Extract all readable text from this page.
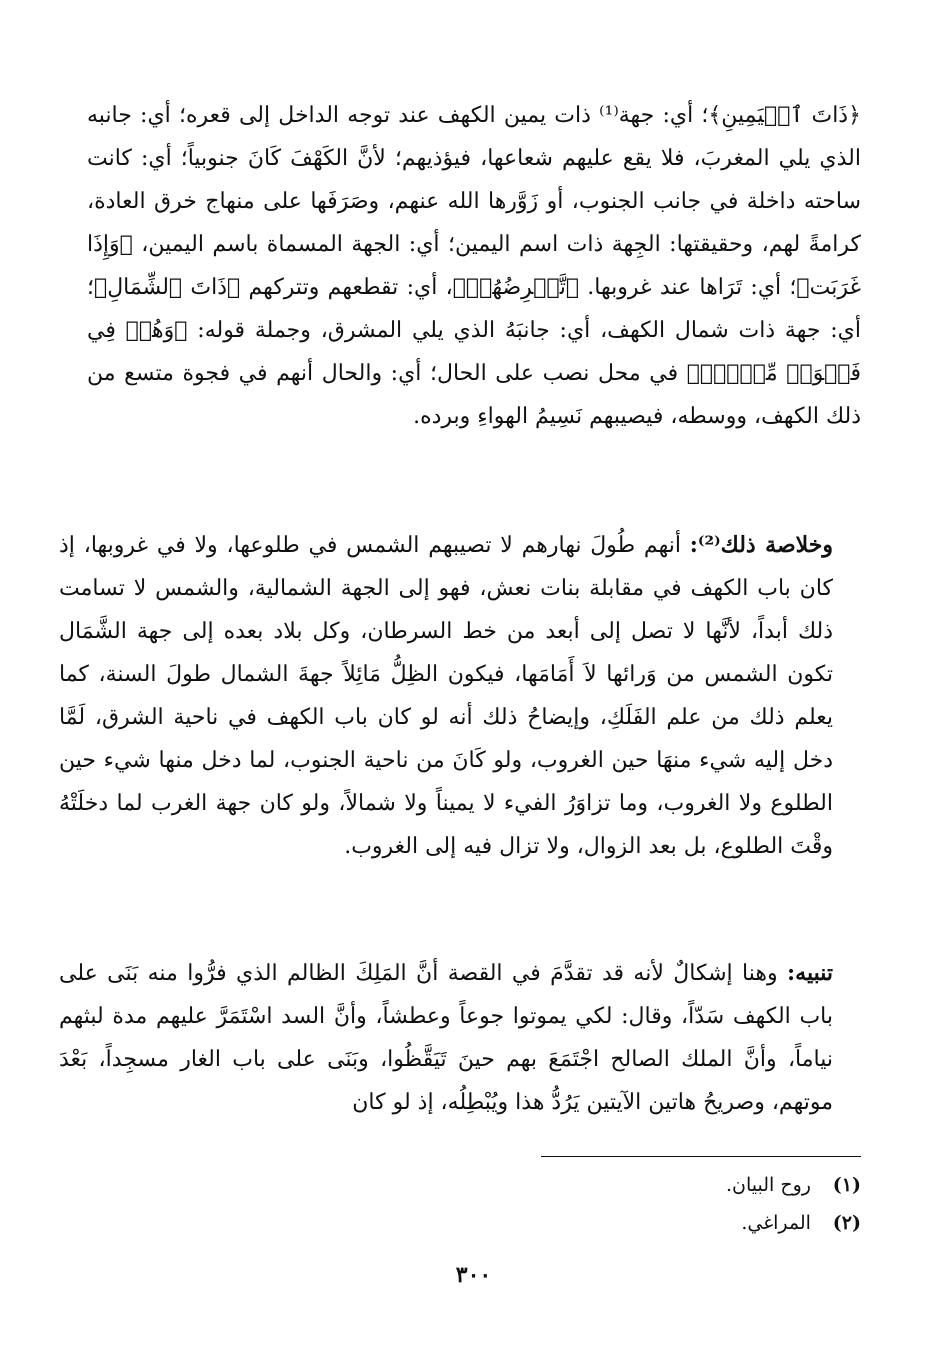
﴿ذَاتَ ٱلۡيَمِينِ﴾؛ أي: جهة⁽¹⁾ ذات يمين الكهف عند توجه الداخل إلى قعره؛ أي: جانبه الذي يلي المغربَ، فلا يقع عليهم شعاعها، فيؤذيهم؛ لأنَّ الكَهْفَ كَانَ جنوبياً؛ أي: كانت ساحته داخلة في جانب الجنوب، أو زَوَّرها الله عنهم، وصَرَفَها على منهاج خرق العادة، كرامةً لهم، وحقيقتها: الجِهة ذات اسم اليمين؛ أي: الجهة المسماة باسم اليمين، ﴿وَإِذَا غَرَبَت﴾؛ أي: تَرَاها عند غروبها. ﴿تَّقۡرِضُهُمۡ﴾، أي: تقطعهم وتتركهم ﴿ذَاتَ ٱلشِّمَالِ﴾؛ أي: جهة ذات شمال الكهف، أي: جانبَهُ الذي يلي المشرق، وجملة قوله: ﴿وَهُمۡ فِي فَجۡوَةٖ مِّنۡهُۚ﴾ في محل نصب على الحال؛ أي: والحال أنهم في فجوة متسع من ذلك الكهف، ووسطه، فيصيبهم نَسِيمُ الهواءِ وبرده.

وخلاصة ذلك⁽²⁾: أنهم طُولَ نهارهم لا تصيبهم الشمس في طلوعها، ولا في غروبها، إذ كان باب الكهف في مقابلة بنات نعش، فهو إلى الجهة الشمالية، والشمس لا تسامت ذلك أبداً، لأنَّها لا تصل إلى أبعد من خط السرطان، وكل بلاد بعده إلى جهة الشَّمَال تكون الشمس من وَرائها لاَ أَمَامَها، فيكون الظِلُّ مَائِلاً جهةَ الشمال طولَ السنة، كما يعلم ذلك من علم الفَلَكِ، وإيضاحُ ذلك أنه لو كان باب الكهف في ناحية الشرق، لَمَّا دخل إليه شيء منهَا حين الغروب، ولو كَانَ من ناحية الجنوب، لما دخل منها شيء حين الطلوع ولا الغروب، وما تزاوَرُ الفيء لا يميناً ولا شمالاً، ولو كان جهة الغرب لما دخلَتْهُ وقْتَ الطلوع، بل بعد الزوال، ولا تزال فيه إلى الغروب.

تنبيه: وهنا إشكالٌ لأنه قد تقدَّمَ في القصة أنَّ المَلِكَ الظالم الذي فرُّوا منه بَنَى على باب الكهف سَدّاً، وقال: لكي يموتوا جوعاً وعطشاً، وأنَّ السد اسْتَمَرَّ عليهم مدة لبثهم نياماً، وأنَّ الملك الصالح اجْتَمَعَ بهم حينَ تَيَقَّظُوا، وبَنَى على باب الغار مسجِداً، بَعْدَ موتهم، وصريحُ هاتين الآيتين يَرُدُّ هذا ويُبْطِلُه، إذ لو كان

(١) روح البيان.
(٢) المراغي.
٣٠٠
